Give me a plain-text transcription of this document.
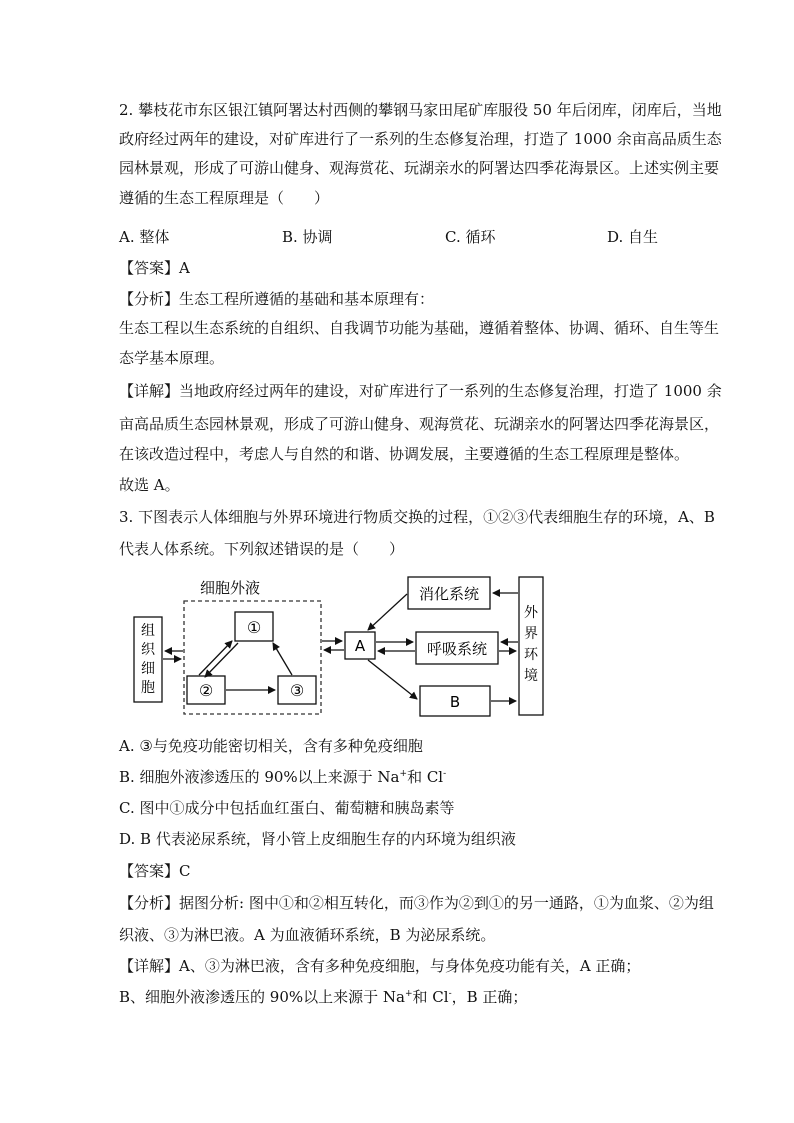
2. 攀枝花市东区银江镇阿署达村西侧的攀钢马家田尾矿库服役 50 年后闭库，闭库后，当地
政府经过两年的建设，对矿库进行了一系列的生态修复治理，打造了 1000 余亩高品质生态
园林景观，形成了可游山健身、观海赏花、玩湖亲水的阿署达四季花海景区。上述实例主要
遵循的生态工程原理是（　　）
A. 整体	B. 协调	C. 循环	D. 自生
【答案】A
【分析】生态工程所遵循的基础和基本原理有：
生态工程以生态系统的自组织、自我调节功能为基础，遵循着整体、协调、循环、自生等生
态学基本原理。
【详解】当地政府经过两年的建设，对矿库进行了一系列的生态修复治理，打造了 1000 余
亩高品质生态园林景观，形成了可游山健身、观海赏花、玩湖亲水的阿署达四季花海景区，
在该改造过程中，考虑人与自然的和谐、协调发展，主要遵循的生态工程原理是整体。
故选 A。
3. 下图表示人体细胞与外界环境进行物质交换的过程，①②③代表细胞生存的环境，A、B
代表人体系统。下列叙述错误的是（　　）
细胞外液
组
织
细
胞
①
②	③
A
消化系统
呼吸系统
B
外
界
环
境
A. ③与免疫功能密切相关，含有多种免疫细胞
B. 细胞外液渗透压的 90%以上来源于 Na+和 Cl-
C. 图中①成分中包括血红蛋白、葡萄糖和胰岛素等
D. B 代表泌尿系统，肾小管上皮细胞生存的内环境为组织液
【答案】C
【分析】据图分析: 图中①和②相互转化，而③作为②到①的另一通路，①为血浆、②为组
织液、③为淋巴液。A 为血液循环系统，B 为泌尿系统。
【详解】A、③为淋巴液，含有多种免疫细胞，与身体免疫功能有关，A 正确；
B、细胞外液渗透压的 90%以上来源于 Na+和 Cl-，B 正确；
